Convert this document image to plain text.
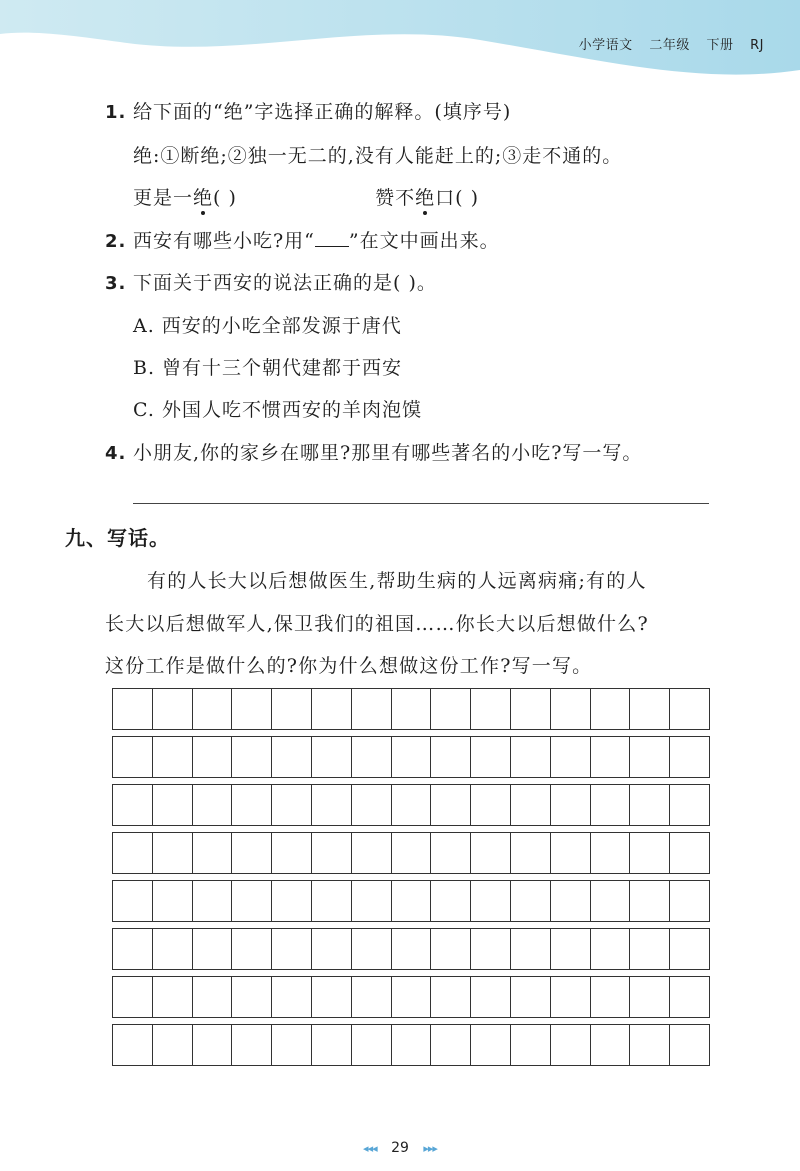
小学语文 二年级 下册 RJ
1. 给下面的“绝”字选择正确的解释。(填序号)
绝:①断绝;②独一无二的,没有人能赶上的;③走不通的。
更是一绝( )	赞不绝口( )
2. 西安有哪些小吃?用“ ”在文中画出来。
3. 下面关于西安的说法正确的是( )。
A. 西安的小吃全部发源于唐代
B. 曾有十三个朝代建都于西安
C. 外国人吃不惯西安的羊肉泡馍
4. 小朋友,你的家乡在哪里?那里有哪些著名的小吃?写一写。
九、写话。
有的人长大以后想做医生,帮助生病的人远离病痛;有的人
长大以后想做军人,保卫我们的祖国……你长大以后想做什么?
这份工作是做什么的?你为什么想做这份工作?写一写。
◂◂◂ 29 ▸▸▸
